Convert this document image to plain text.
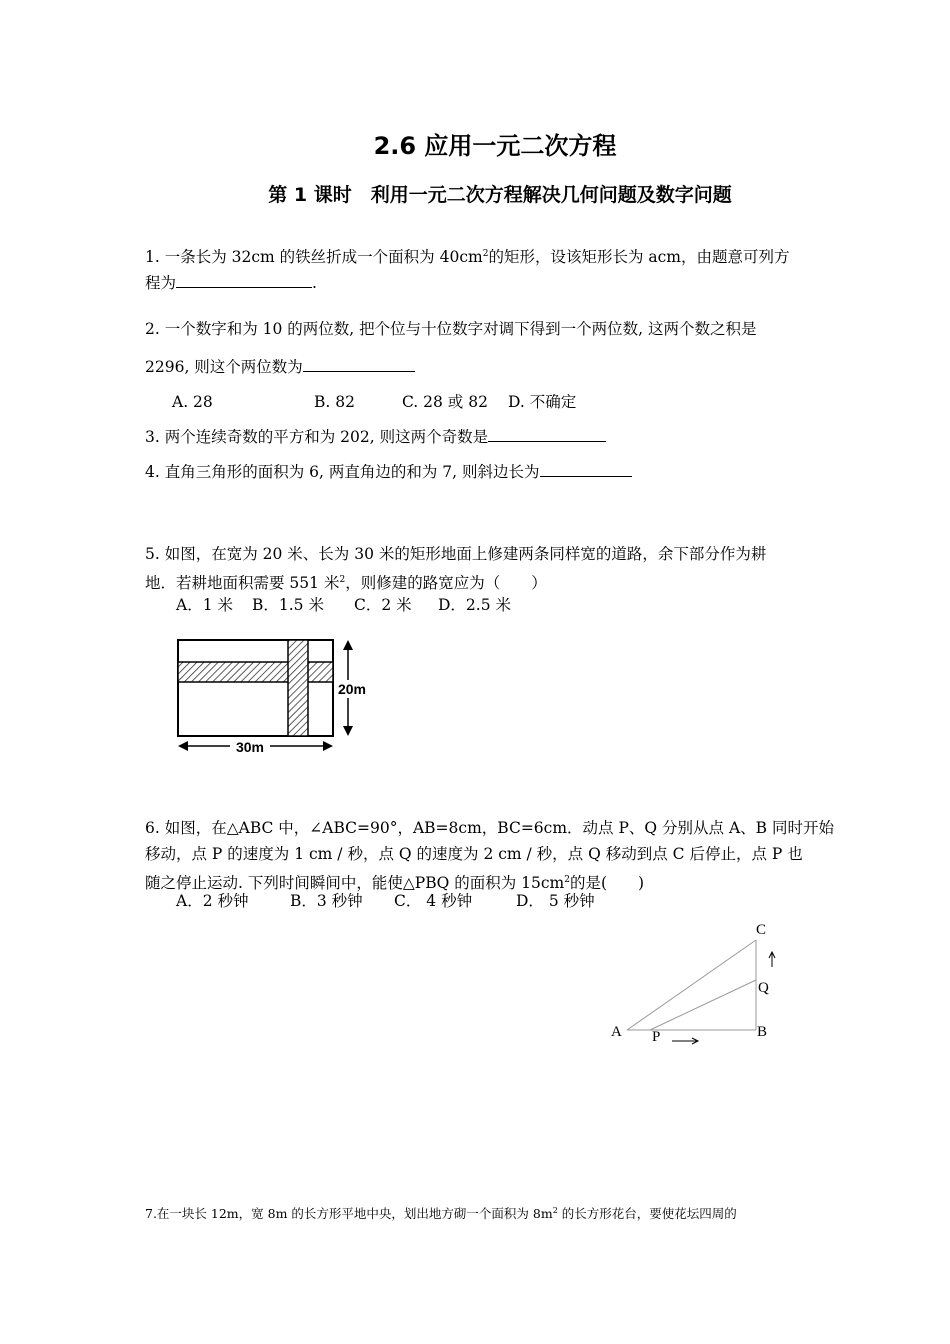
2.6 应用一元二次方程
第 1 课时　利用一元二次方程解决几何问题及数字问题
1. 一条长为 32cm 的铁丝折成一个面积为 $40cm^2$的矩形，设该矩形长为 acm，由题意可列方
程为	.
2. 一个数字和为 10 的两位数, 把个位与十位数字对调下得到一个两位数, 这两个数之积是
2296, 则这个两位数为
A. 28	B. 82	C. 28 或 82 D. 不确定
3. 两个连续奇数的平方和为 202, 则这两个奇数是
4. 直角三角形的面积为 6, 两直角边的和为 7, 则斜边长为
5. 如图，在宽为 20 米、长为 30 米的矩形地面上修建两条同样宽的道路，余下部分作为耕
地．若耕地面积需要 551 米$^2$，则修建的路宽应为（　　）
A．1 米 B．1.5 米 C．2 米 D．2.5 米
20m
30m
6. 如图，在△ABC 中，∠ABC=90°，AB=8cm，BC=6cm．动点 P、Q 分别从点 A、B 同时开始
移动，点 P 的速度为 1 cm / 秒，点 Q 的速度为 2 cm / 秒，点 Q 移动到点 C 后停止，点 P 也
随之停止运动. 下列时间瞬间中，能使△PBQ 的面积为 $15cm^2$的是(　　)
A．2 秒钟	B．3 秒钟 C． 4 秒钟	D． 5 秒钟
A	B
C
P
Q
7.在一块长 12m，宽 8m 的长方形平地中央，划出地方砌一个面积为 $8m^2$ 的长方形花台，要使花坛四周的
